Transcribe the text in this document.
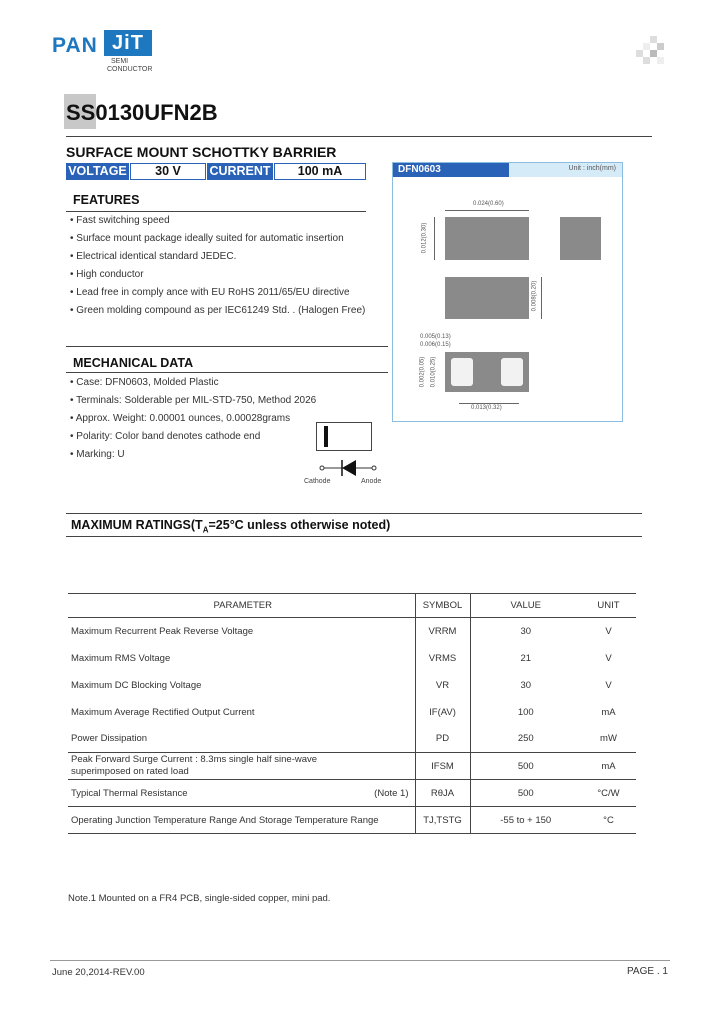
PAN JiT
SEMI
CONDUCTOR
SS0130UFN2B
SURFACE MOUNT SCHOTTKY BARRIER
VOLTAGE	30 V	CURRENT	100 mA
FEATURES
• Fast switching speed
• Surface mount package ideally suited for automatic insertion
• Electrical identical standard JEDEC.
• High conductor
• Lead free in comply ance with EU RoHS 2011/65/EU directive
• Green molding compound as per IEC61249 Std. . (Halogen Free)
MECHANICAL DATA
• Case: DFN0603, Molded Plastic
• Terminals: Solderable per MIL-STD-750, Method 2026
• Approx. Weight: 0.00001 ounces, 0.00028grams
• Polarity: Color band denotes cathode end
• Marking: U
Cathode	Anode
DFN0603	Unit : inch(mm)
0.024(0.60)
0.012(0.30)
0.008(0.20)
0.005(0.13)
0.006(0.15)
0.002(0.05) 0.010(0.25)
0.013(0.32)
MAXIMUM $RATINGS(T_A=25^\circ C$ unless otherwise noted)
PARAMETER	SYMBOL	VALUE	UNIT
Maximum Recurrent Peak Reverse Voltage	VRRM	30	V
Maximum RMS Voltage	VRMS	21	V
Maximum DC Blocking Voltage	VR	30	V
Maximum Average Rectified Output Current	IF(AV)	100	mA
Power Dissipation	PD	250	mW

Peak Forward Surge Current : 8.3ms single half sine-wave
superimposed on rated load	IFSM	500	mA
Typical Thermal Resistance (Note 1)	RθJA	500	°C/W
Operating Junction Temperature Range And Storage Temperature Range	TJ,TSTG	-55 to + 150	°C
Note.1 Mounted on a FR4 PCB, single-sided copper, mini pad.
June 20,2014-REV.00	PAGE . 1
